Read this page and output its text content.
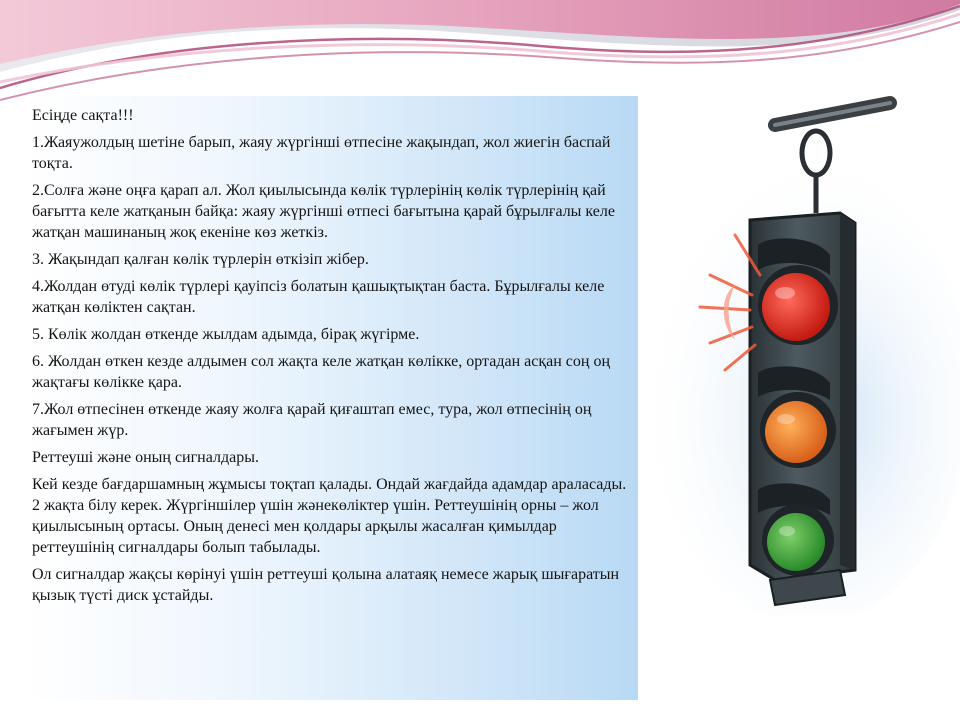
Есіңде сақта!!!

1.Жаяужолдың шетіне барып, жаяу жүргінші өтпесіне жақындап, жол жиегін баспай тоқта.

2.Солға және оңға қарап ал. Жол қиылысында көлік түрлерінің көлік түрлерінің қай бағытта келе жатқанын байқа: жаяу жүргінші өтпесі бағытына қарай бұрылғалы келе жатқан машинаның жоқ екеніне көз жеткіз.

3. Жақындап қалған көлік түрлерін өткізіп жібер.

4.Жолдан өтуді көлік түрлері қауіпсіз болатын қашықтықтан баста. Бұрылғалы келе жатқан көліктен сақтан.

5. Көлік жолдан өткенде жылдам адымда, бірақ жүгірме.

6. Жолдан өткен кезде алдымен сол жақта келе жатқан көлікке, ортадан асқан соң оң жақтағы көлікке қара.

7.Жол өтпесінен өткенде жаяу жолға қарай қиғаштап емес, тура, жол өтпесінің оң жағымен жүр.

Реттеуші және оның сигналдары.

Кей кезде бағдаршамның жұмысы тоқтап қалады. Ондай жағдайда адамдар араласады. 2 жақта білу керек. Жүргіншілер үшін жәнекөліктер үшін. Реттеушінің орны – жол қиылысының ортасы. Оның денесі мен қолдары арқылы жасалған қимылдар реттеушінің сигналдары болып табылады.

Ол сигналдар жақсы көрінуі үшін реттеуші қолына алатаяқ немесе жарық шығаратын қызық түсті диск ұстайды.
